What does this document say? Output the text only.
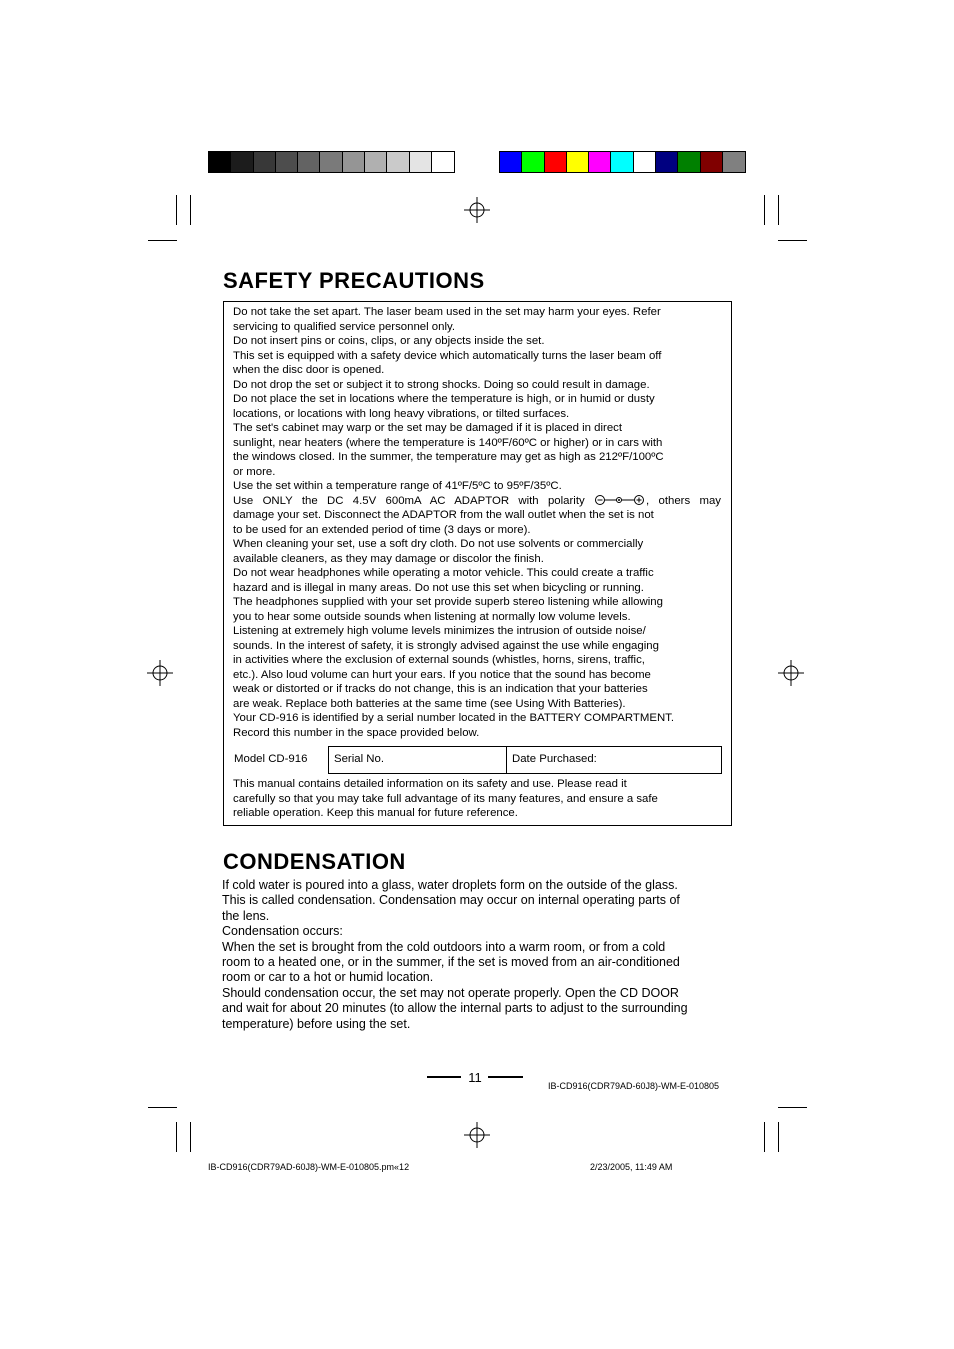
SAFETY PRECAUTIONS
Do not take the set apart. The laser beam used in the set may harm your eyes. Refer
servicing to qualified service personnel only.
Do not insert pins or coins, clips, or any objects inside the set.
This set is equipped with a safety device which automatically turns the laser beam off
when the disc door is opened.
Do not drop the set or subject it to strong shocks. Doing so could result in damage.
Do not place the set in locations where the temperature is high, or in humid or dusty
locations, or locations with long heavy vibrations, or tilted surfaces.
The set's cabinet may warp or the set may be damaged if it is placed in direct
sunlight, near heaters (where the temperature is 140ºF/60ºC or higher) or in cars with
the windows closed. In the summer, the temperature may get as high as 212ºF/100ºC
or more.
Use the set within a temperature range of 41ºF/5ºC to 95ºF/35ºC.
Use ONLY the DC 4.5V 600mA AC ADAPTOR with polarity	, others may
damage your set. Disconnect the ADAPTOR from the wall outlet when the set is not
to be used for an extended period of time (3 days or more).
When cleaning your set, use a soft dry cloth. Do not use solvents or commercially
available cleaners, as they may damage or discolor the finish.
Do not wear headphones while operating a motor vehicle. This could create a traffic
hazard and is illegal in many areas. Do not use this set when bicycling or running.
The headphones supplied with your set provide superb stereo listening while allowing
you to hear some outside sounds when listening at normally low volume levels.
Listening at extremely high volume levels minimizes the intrusion of outside noise/
sounds. In the interest of safety, it is strongly advised against the use while engaging
in activities where the exclusion of external sounds (whistles, horns, sirens, traffic,
etc.). Also loud volume can hurt your ears. If you notice that the sound has become
weak or distorted or if tracks do not change, this is an indication that your batteries
are weak. Replace both batteries at the same time (see Using With Batteries).
Your CD-916 is identified by a serial number located in the BATTERY COMPARTMENT.
Record this number in the space provided below.
Model CD-916	Serial No.	Date Purchased:
This manual contains detailed information on its safety and use. Please read it
carefully so that you may take full advantage of its many features, and ensure a safe
reliable operation. Keep this manual for future reference.
CONDENSATION
If cold water is poured into a glass, water droplets form on the outside of the glass.
This is called condensation. Condensation may occur on internal operating parts of
the lens.
Condensation occurs:
When the set is brought from the cold outdoors into a warm room, or from a cold
room to a heated one, or in the summer, if the set is moved from an air-conditioned
room or car to a hot or humid location.
Should condensation occur, the set may not operate properly. Open the CD DOOR
and wait for about 20 minutes (to allow the internal parts to adjust to the surrounding
temperature) before using the set.
11
IB-CD916(CDR79AD-60J8)-WM-E-010805
IB-CD916(CDR79AD-60J8)-WM-E-010805.pm«12	2/23/2005, 11:49 AM
